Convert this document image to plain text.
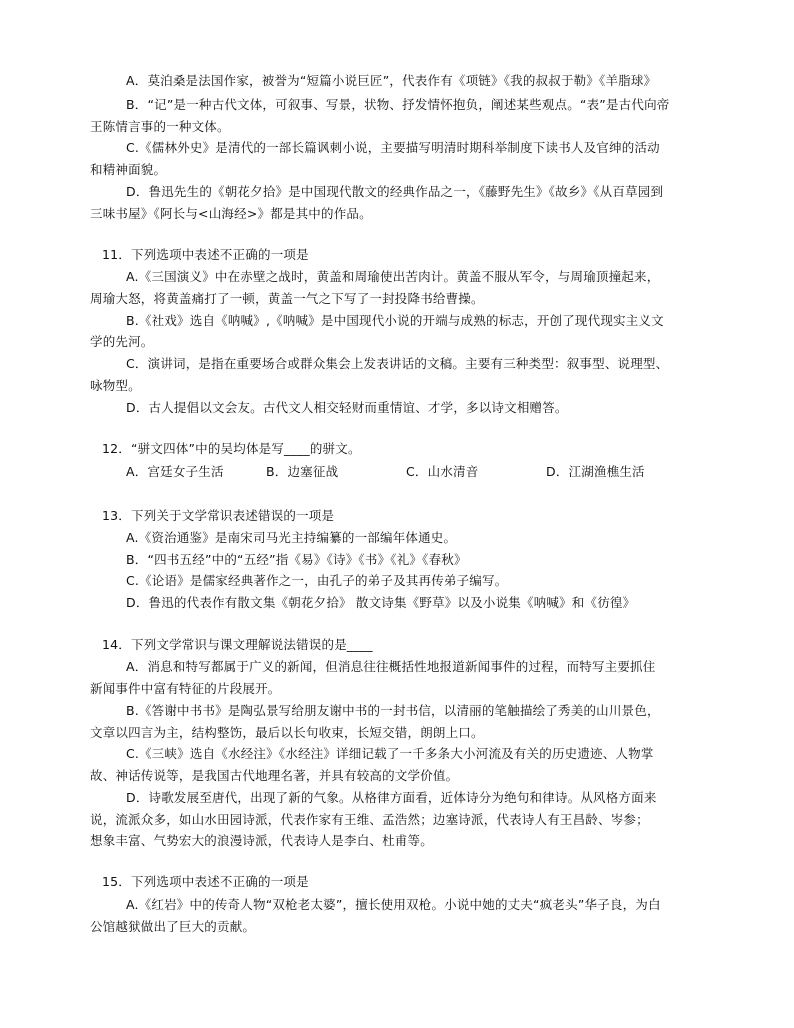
A．莫泊桑是法国作家，被誉为“短篇小说巨匠”，代表作有《项链》《我的叔叔于勒》《羊脂球》
B．“记”是一种古代文体，可叙事、写景，状物、抒发情怀抱负，阐述某些观点。“表”是古代向帝
王陈情言事的一种文体。
C.《儒林外史》是清代的一部长篇讽刺小说，主要描写明清时期科举制度下读书人及官绅的活动
和精神面貌。
D．鲁迅先生的《朝花夕拾》是中国现代散文的经典作品之一，《藤野先生》《故乡》《从百草园到
三味书屋》《阿长与<山海经>》都是其中的作品。
11．下列选项中表述不正确的一项是
A.《三国演义》中在赤壁之战时，黄盖和周瑜使出苦肉计。黄盖不服从军令，与周瑜顶撞起来，
周瑜大怒，将黄盖痛打了一顿，黄盖一气之下写了一封投降书给曹操。
B.《社戏》选自《呐喊》,《呐喊》是中国现代小说的开端与成熟的标志，开创了现代现实主义文
学的先河。
C．演讲词，是指在重要场合或群众集会上发表讲话的文稿。主要有三种类型：叙事型、说理型、
咏物型。
D．古人提倡以文会友。古代文人相交轻财而重情谊、才学，多以诗文相赠答。
12．“骈文四体”中的吴均体是写____的骈文。
A．宫廷女子生活	B．边塞征战	C．山水清音	D．江湖渔樵生活
13．下列关于文学常识表述错误的一项是
A.《资治通鉴》是南宋司马光主持编纂的一部编年体通史。
B．“四书五经”中的“五经”指《易》《诗》《书》《礼》《春秋》
C.《论语》是儒家经典著作之一，由孔子的弟子及其再传弟子编写。
D．鲁迅的代表作有散文集《朝花夕拾》 散文诗集《野草》以及小说集《呐喊》和《彷徨》
14．下列文学常识与课文理解说法错误的是____
A．消息和特写都属于广义的新闻，但消息往往概括性地报道新闻事件的过程，而特写主要抓住
新闻事件中富有特征的片段展开。
B.《答谢中书书》是陶弘景写给朋友谢中书的一封书信，以清丽的笔触描绘了秀美的山川景色，
文章以四言为主，结构整饬，最后以长句收束，长短交错，朗朗上口。
C.《三峡》选自《水经注》《水经注》详细记载了一千多条大小河流及有关的历史遗迹、人物掌
故、神话传说等，是我国古代地理名著，并具有较高的文学价值。
D．诗歌发展至唐代，出现了新的气象。从格律方面看，近体诗分为绝句和律诗。从风格方面来
说，流派众多，如山水田园诗派，代表作家有王维、孟浩然；边塞诗派，代表诗人有王昌龄、岑参；
想象丰富、气势宏大的浪漫诗派，代表诗人是李白、杜甫等。
15．下列选项中表述不正确的一项是
A.《红岩》中的传奇人物“双枪老太婆”，擅长使用双枪。小说中她的丈夫“疯老头”华子良，为白
公馆越狱做出了巨大的贡献。
